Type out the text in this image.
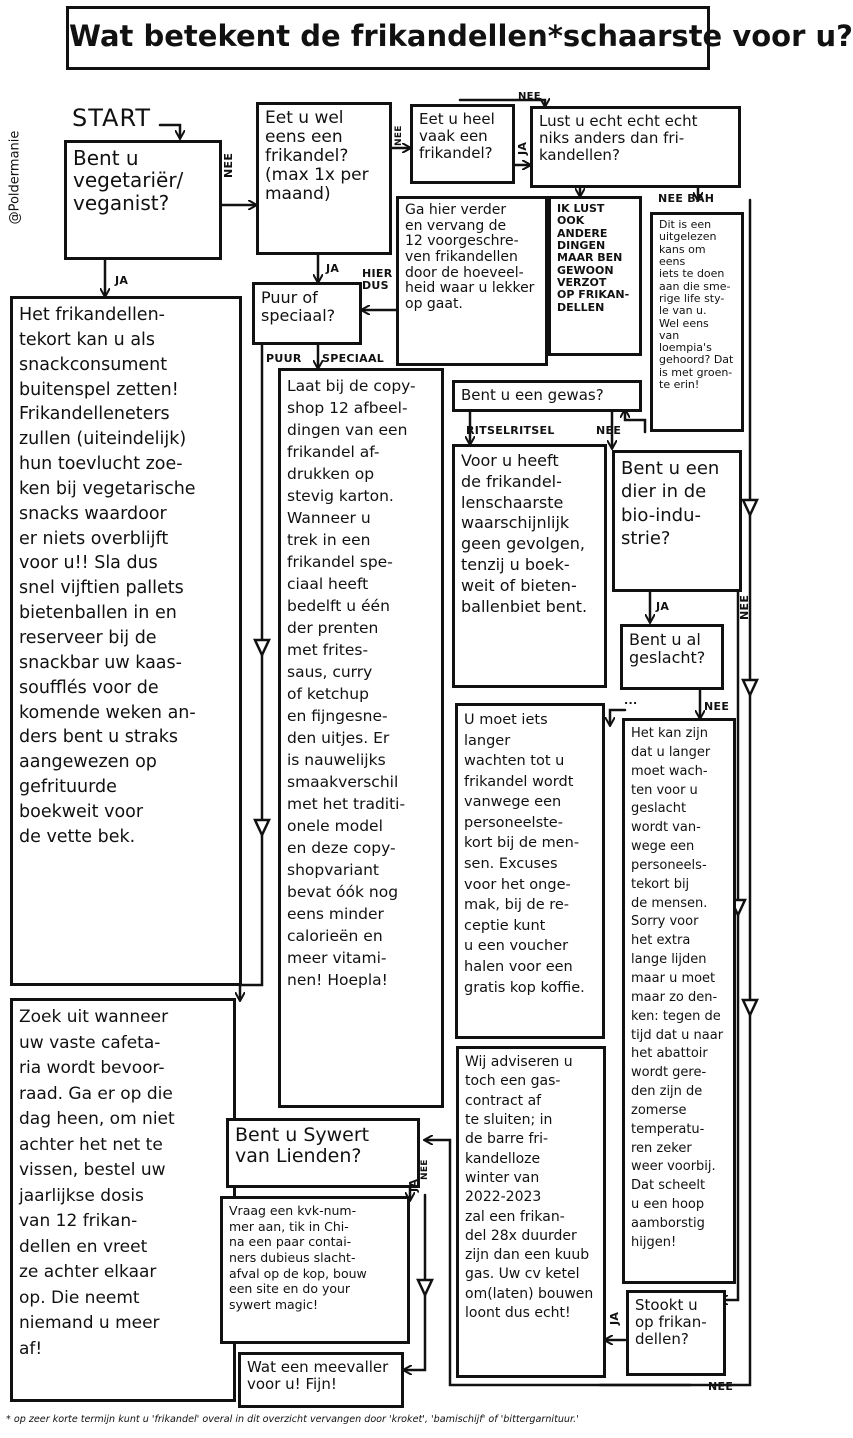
Wat betekent de frikandellen*schaarste voor u?
@Poldermanie
START
Bent u
vegetariër/
veganist?
Eet u wel
eens een
frikandel?
(max 1x per
maand)
Eet u heel
vaak een
frikandel?
Lust u echt echt echt
niks anders dan fri-
kandellen?
Ga hier verder
en vervang de
12 voorgeschre-
ven frikandellen
door de hoeveel-
heid waar u lekker
op gaat.
IK LUST OOK
ANDERE
DINGEN
MAAR BEN
GEWOON
VERZOT
OP FRIKAN-
DELLEN
Dit is een
uitgelezen
kans om eens
iets te doen
aan die sme-
rige life sty-
le van u.
Wel eens
van loempia's
gehoord? Dat
is met groen-
te erin!
Puur of
speciaal?
Het frikandellen-
tekort kan u als
snackconsument
buitenspel zetten!
Frikandelleneters
zullen (uiteindelijk)
hun toevlucht zoe-
ken bij vegetarische
snacks waardoor
er niets overblijft
voor u!! Sla dus
snel vijftien pallets
bietenballen in en
reserveer bij de
snackbar uw kaas-
soufflés voor de
komende weken an-
ders bent u straks
aangewezen op
gefrituurde
boekweit voor
de vette bek.
Laat bij de copy-
shop 12 afbeel-
dingen van een
frikandel af-
drukken op
stevig karton.
Wanneer u
trek in een
frikandel spe-
ciaal heeft
bedelft u één
der prenten
met frites-
saus, curry
of ketchup
en fijngesne-
den uitjes. Er
is nauwelijks
smaakverschil
met het traditi-
onele model
en deze copy-
shopvariant
bevat óók nog
eens minder
calorieën en
meer vitami-
nen! Hoepla!
Bent u een gewas?
Voor u heeft
de frikandel-
lenschaarste
waarschijnlijk
geen gevolgen,
tenzij u boek-
weit of bieten-
ballenbiet bent.
Bent u een
dier in de
bio-indu-
strie?
Bent u al
geslacht?
U moet iets langer
wachten tot u
frikandel wordt
vanwege een
personeelste-
kort bij de men-
sen. Excuses
voor het onge-
mak, bij de re-
ceptie kunt
u een voucher
halen voor een
gratis kop koffie.
Het kan zijn
dat u langer
moet wach-
ten voor u
geslacht
wordt van-
wege een
personeels-
tekort bij
de mensen.
Sorry voor
het extra
lange lijden
maar u moet
maar zo den-
ken: tegen de
tijd dat u naar
het abattoir
wordt gere-
den zijn de
zomerse
temperatu-
ren zeker
weer voorbij.
Dat scheelt
u een hoop
aamborstig
hijgen!
Zoek uit wanneer
uw vaste cafeta-
ria wordt bevoor-
raad. Ga er op die
dag heen, om niet
achter het net te
vissen, bestel uw
jaarlijkse dosis
van 12 frikan-
dellen en vreet
ze achter elkaar
op. Die neemt
niemand u meer
af!
Bent u Sywert
van Lienden?
Vraag een kvk-num-
mer aan, tik in Chi-
na een paar contai-
ners dubieus slacht-
afval op de kop, bouw
een site en do your
sywert magic!
Wat een meevaller
voor u! Fijn!
Wij adviseren u
toch een gas-
contract af
te sluiten; in
de barre fri-
kandelloze
winter van
2022-2023
zal een frikan-
del 28x duurder
zijn dan een kuub
gas. Uw cv ketel
om(laten) bouwen
loont dus echt!	Stookt u
op frikan-
dellen?
NEE
JA
NEE
NEE
JA
JA HIER
DUS
PUUR SPECIAAL
NEE BAH
RITSELRITSEL	NEE
JA	NEE
...	NEE
JA
NEE
JA
NEE
* op zeer korte termijn kunt u 'frikandel' overal in dit overzicht vervangen door 'kroket', 'bamischijf' of 'bittergarnituur.'
